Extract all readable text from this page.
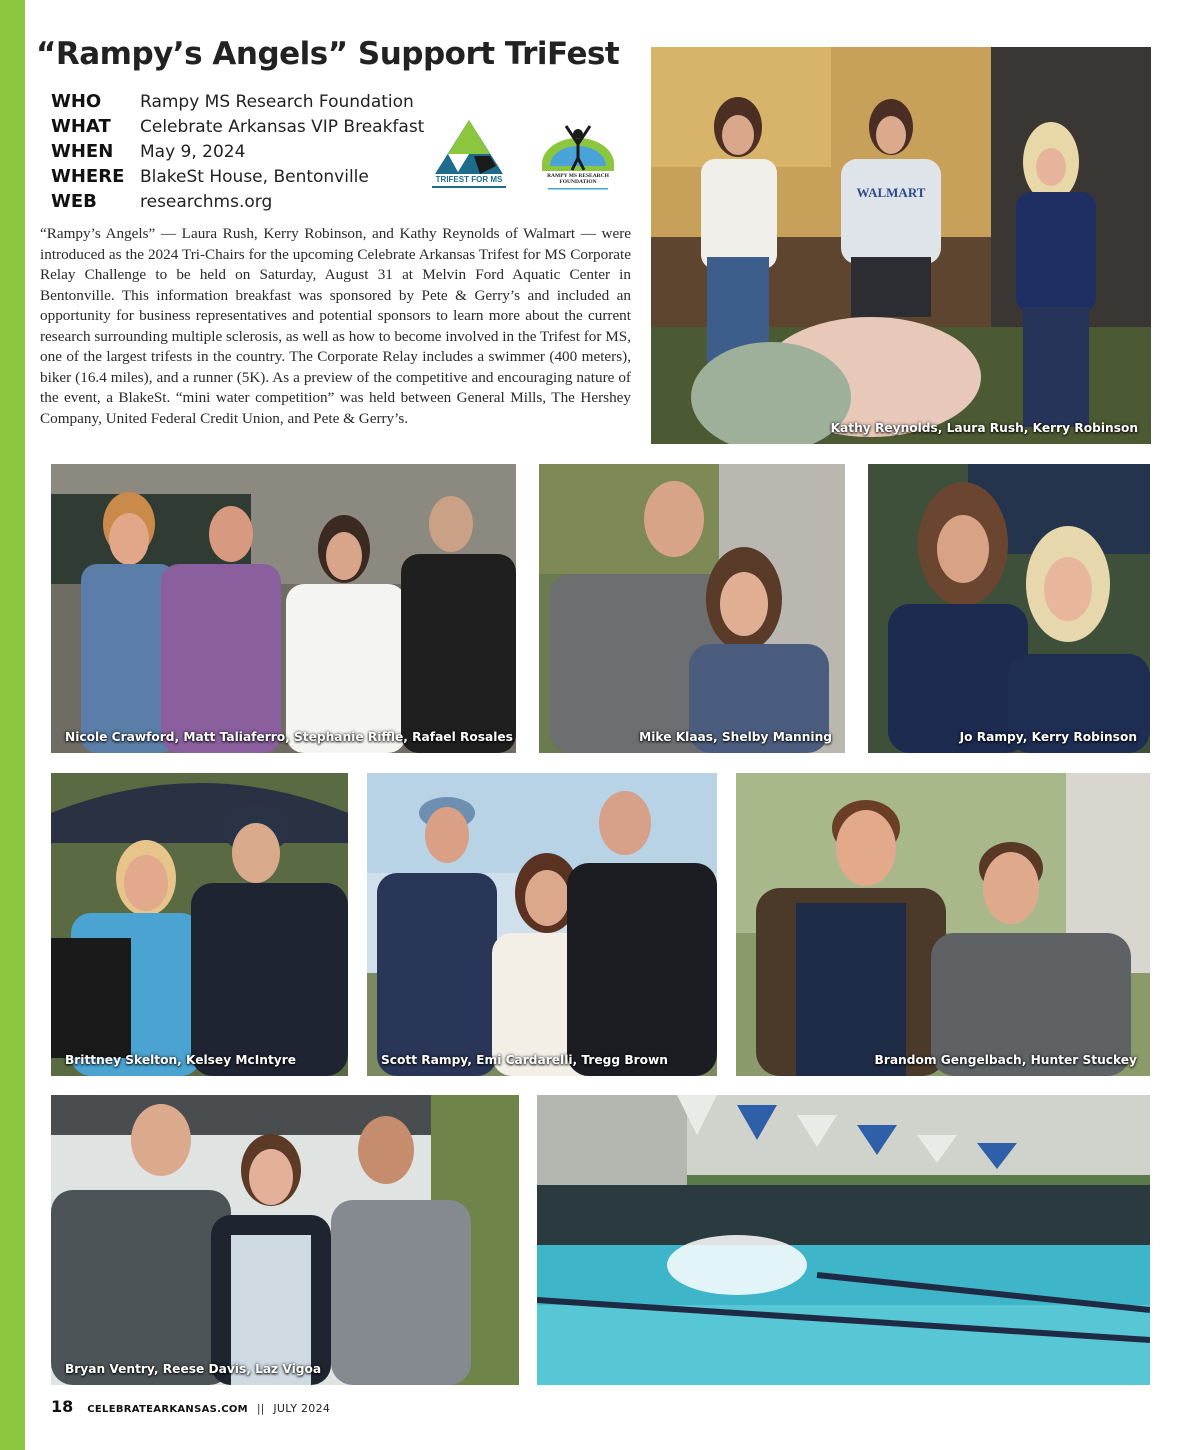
“Rampy’s Angels” Support TriFest
WHO	Rampy MS Research Foundation
WHAT	Celebrate Arkansas VIP Breakfast
WHEN	May 9, 2024
WHERE BlakeSt House, Bentonville
WEB	researchms.org
TRIFEST FOR MS	RAMPY MS RESEARCH
FOUNDATION

“Rampy’s Angels” — Laura Rush, Kerry Robinson, and Kathy Reynolds of Walmart — were introduced as the 2024 Tri-Chairs for the upcoming Celebrate Arkansas Trifest for MS Corporate Relay Challenge to be held on Saturday, August 31 at Melvin Ford Aquatic Center in Bentonville. This information breakfast was sponsored by Pete & Gerry’s and included an opportunity for business representatives and potential sponsors to learn more about the current research surrounding multiple sclerosis, as well as how to become involved in the Trifest for MS, one of the largest trifests in the country. The Corporate Relay includes a swimmer (400 meters), biker (16.4 miles), and a runner (5K). As a preview of the competitive and encouraging nature of the event, a BlakeSt. “mini water competition” was held between General Mills, The Hershey Company, United Federal Credit Union, and Pete & Gerry’s.

WALMART
Kathy Reynolds, Laura Rush, Kerry Robinson
Nicole Crawford, Matt Taliaferro, Stephanie Riffle, Rafael Rosales	Mike Klaas, Shelby Manning	Jo Rampy, Kerry Robinson
Brittney Skelton, Kelsey McIntyre	Scott Rampy, Emi Cardarelli, Tregg Brown	Brandom Gengelbach, Hunter Stuckey
Bryan Ventry, Reese Davis, Laz Vigoa
18 CELEBRATEARKANSAS.COM || JULY 2024
